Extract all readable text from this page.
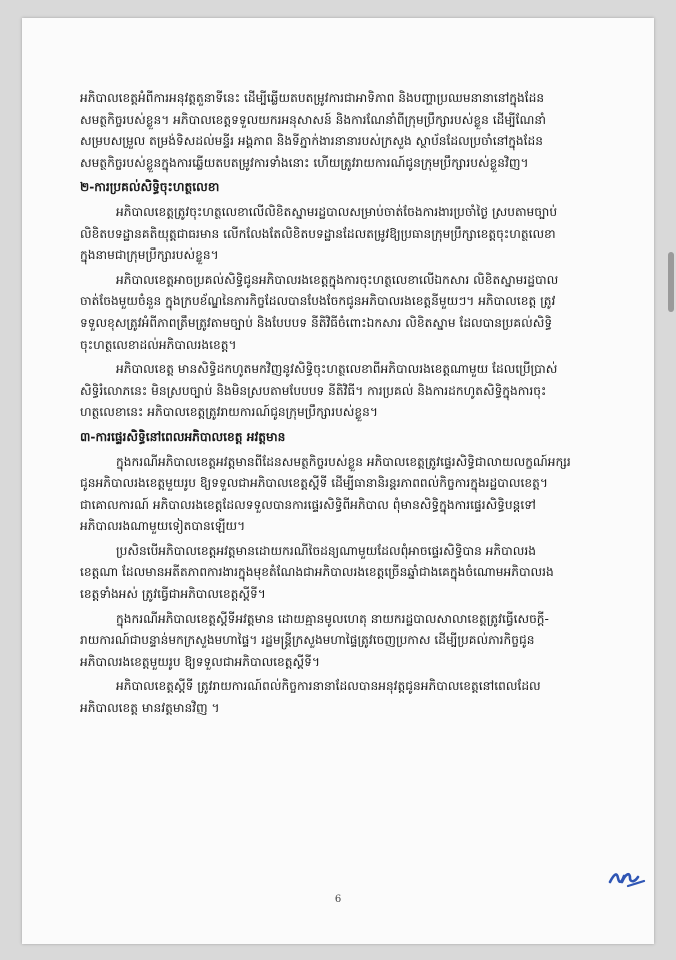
អភិបាលខេត្តអំពីការអនុវត្តតួនាទីនេះ ដើម្បីឆ្លើយតបតម្រូវការជាអាទិភាព និងបញ្ហាប្រឈមនានានៅក្នុងដែន
សមត្ថកិច្ចរបស់ខ្លួន។ អភិបាលខេត្តទទួលយករអនុសាសន៍ និងការណែនាំពីក្រុមប្រឹក្សារបស់ខ្លួន ដើម្បីណែនាំ
សម្របសម្រួល តម្រង់ទិសដល់មន្ទីរ អង្គភាព និងទីភ្នាក់ងារនានារបស់ក្រសួង ស្ថាប័នដែលប្រចាំនៅក្នុងដែន
សមត្ថកិច្ចរបស់ខ្លួនក្នុងការឆ្លើយតបតម្រូវការទាំងនោះ ហើយត្រូវរាយការណ៍ជូនក្រុមប្រឹក្សារបស់ខ្លួនវិញ។
២-ការប្រគល់សិទ្ធិចុះហត្ថលេខា
អភិបាលខេត្តត្រូវចុះហត្ថលេខាលើលិខិតស្នាមរដ្ឋបាលសម្រាប់ចាត់ចែងការងារប្រចាំថ្ងៃ ស្របតាមច្បាប់
លិខិតបទដ្ឋានគតិយុត្តជាធរមាន លើកលែងតែលិខិតបទដ្ឋានដែលតម្រូវឱ្យប្រធានក្រុមប្រឹក្សាខេត្តចុះហត្ថលេខា
ក្នុងនាមជាក្រុមប្រឹក្សារបស់ខ្លួន។
អភិបាលខេត្តអាចប្រគល់សិទ្ធិជូនអភិបាលរងខេត្តក្នុងការចុះហត្ថលេខាលើឯកសារ លិខិតស្នាមរដ្ឋបាល
ចាត់ចែងមួយចំនួន ក្នុងក្របខ័ណ្ឌនៃភារកិច្ចដែលបានបែងចែកជូនអភិបាលរងខេត្តនីមួយៗ។ អភិបាលខេត្ត ត្រូវ
ទទួលខុសត្រូវអំពីភាពត្រឹមត្រូវតាមច្បាប់ និងបែបបទ នីតិវិធីចំពោះឯកសារ លិខិតស្នាម ដែលបានប្រគល់សិទ្ធិ
ចុះហត្ថលេខាដល់អភិបាលរងខេត្ត។
អភិបាលខេត្ត មានសិទ្ធិដកហូតមកវិញនូវសិទ្ធិចុះហត្ថលេខាពីអភិបាលរងខេត្តណាមួយ ដែលប្រើប្រាស់
សិទ្ធិរំលោភនេះ មិនស្របច្បាប់ និងមិនស្របតាមបែបបទ នីតិវិធី។ ការប្រគល់ និងការដកហូតសិទ្ធិក្នុងការចុះ
ហត្ថលេខានេះ អភិបាលខេត្តត្រូវរាយការណ៍ជូនក្រុមប្រឹក្សារបស់ខ្លួន។
៣-ការផ្ទេរសិទ្ធិនៅពេលអភិបាលខេត្ត អវត្តមាន
ក្នុងករណីអភិបាលខេត្តអវត្តមានពីដែនសមត្ថកិច្ចរបស់ខ្លួន អភិបាលខេត្តត្រូវផ្ទេរសិទ្ធិជាលាយលក្ខណ៍អក្សរ
ជូនអភិបាលរងខេត្តមួយរូប ឱ្យទទួលជាអភិបាលខេត្តស្តីទី ដើម្បីធានានិរន្តរភាពពល់កិច្ចការក្នុងរដ្ឋបាលខេត្ត។
ជាគោលការណ៍ អភិបាលរងខេត្តដែលទទួលបានការផ្ទេរសិទ្ធិពីអភិបាល ពុំមានសិទ្ធិក្នុងការផ្ទេរសិទ្ធិបន្តទៅ
អភិបាលរងណាមួយទៀតបានឡើយ។
ប្រសិនបើអភិបាលខេត្តអវត្តមានដោយករណីចៃដន្យណាមួយដែលពុំអាចផ្ទេរសិទ្ធិបាន អភិបាលរង
ខេត្តណា ដែលមានអតីតភាពការងារក្នុងមុខតំណែងជាអភិបាលរងខេត្តច្រើនឆ្នាំជាងគេក្នុងចំណោមអភិបាលរង
ខេត្តទាំងអស់ ត្រូវធ្វើជាអភិបាលខេត្តស្តីទី។
ក្នុងករណីអភិបាលខេត្តស្តីទីអវត្តមាន ដោយគ្មានមូលហេតុ នាយករដ្ឋបាលសាលាខេត្តត្រូវធ្វើសេចក្តី-
រាយការណ៍ជាបន្ទាន់មកក្រសួងមហាផ្ទៃ។ រដ្ឋមន្ត្រីក្រសួងមហាផ្ទៃត្រូវចេញប្រកាស ដើម្បីប្រគល់ភារកិច្ចជូន
អភិបាលរងខេត្តមួយរូប ឱ្យទទួលជាអភិបាលខេត្តស្តីទី។
អភិបាលខេត្តស្តីទី ត្រូវរាយការណ៍ពល់កិច្ចការនានាដែលបានអនុវត្តជូនអភិបាលខេត្តនៅពេលដែល
អភិបាលខេត្ត មានវត្តមានវិញ ។
6
